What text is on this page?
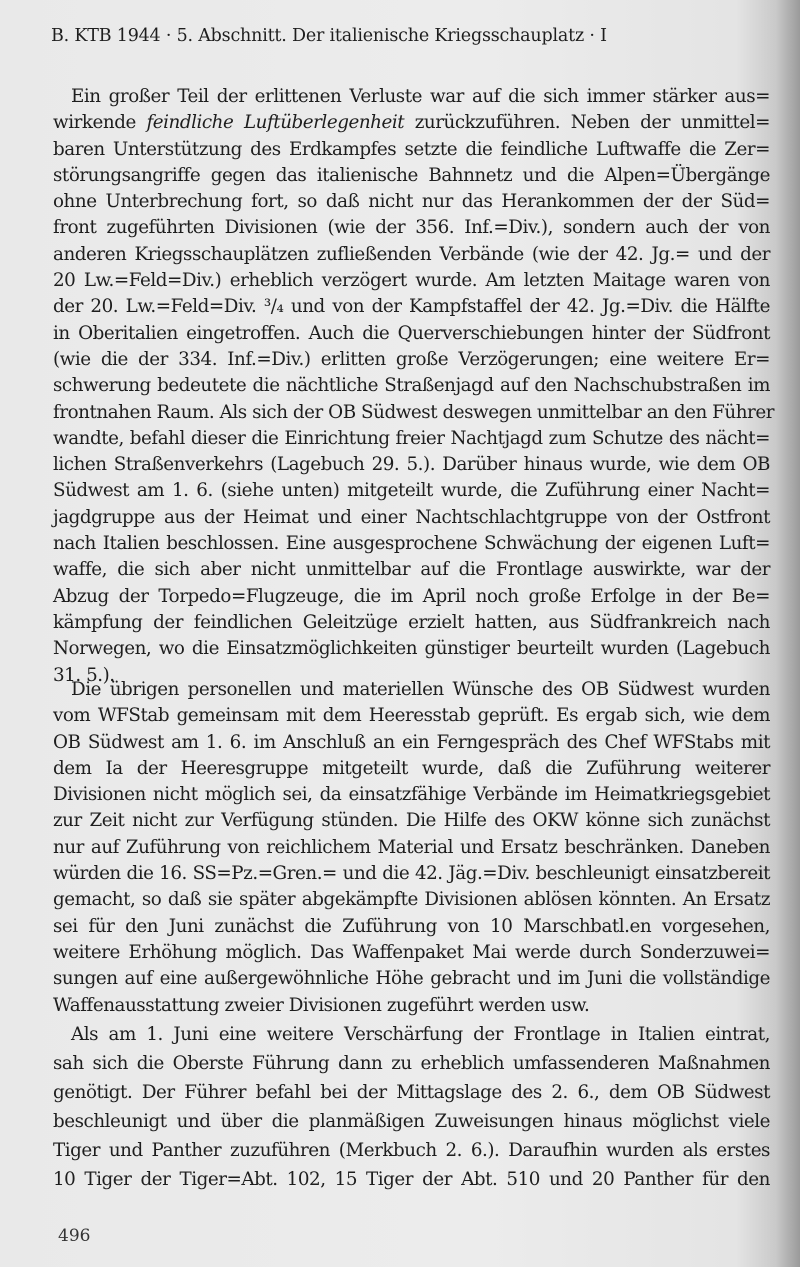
B. KTB 1944 · 5. Abschnitt. Der italienische Kriegsschauplatz · I
Ein großer Teil der erlittenen Verluste war auf die sich immer stärker aus=
wirkende feindliche Luftüberlegenheit zurückzuführen. Neben der unmittel=
baren Unterstützung des Erdkampfes setzte die feindliche Luftwaffe die Zer=
störungsangriffe gegen das italienische Bahnnetz und die Alpen=Übergänge
ohne Unterbrechung fort, so daß nicht nur das Herankommen der der Süd=
front zugeführten Divisionen (wie der 356. Inf.=Div.), sondern auch der von
anderen Kriegsschauplätzen zufließenden Verbände (wie der 42. Jg.= und der
20 Lw.=Feld=Div.) erheblich verzögert wurde. Am letzten Maitage waren von
der 20. Lw.=Feld=Div. ³/₄ und von der Kampfstaffel der 42. Jg.=Div. die Hälfte
in Oberitalien eingetroffen. Auch die Querverschiebungen hinter der Südfront
(wie die der 334. Inf.=Div.) erlitten große Verzögerungen; eine weitere Er=
schwerung bedeutete die nächtliche Straßenjagd auf den Nachschubstraßen im
frontnahen Raum. Als sich der OB Südwest deswegen unmittelbar an den Führer
wandte, befahl dieser die Einrichtung freier Nachtjagd zum Schutze des nächt=
lichen Straßenverkehrs (Lagebuch 29. 5.). Darüber hinaus wurde, wie dem OB
Südwest am 1. 6. (siehe unten) mitgeteilt wurde, die Zuführung einer Nacht=
jagdgruppe aus der Heimat und einer Nachtschlachtgruppe von der Ostfront
nach Italien beschlossen. Eine ausgesprochene Schwächung der eigenen Luft=
waffe, die sich aber nicht unmittelbar auf die Frontlage auswirkte, war der
Abzug der Torpedo=Flugzeuge, die im April noch große Erfolge in der Be=
kämpfung der feindlichen Geleitzüge erzielt hatten, aus Südfrankreich nach
Norwegen, wo die Einsatzmöglichkeiten günstiger beurteilt wurden (Lagebuch
31. 5.).
Die übrigen personellen und materiellen Wünsche des OB Südwest wurden
vom WFStab gemeinsam mit dem Heeresstab geprüft. Es ergab sich, wie dem
OB Südwest am 1. 6. im Anschluß an ein Ferngespräch des Chef WFStabs mit
dem Ia der Heeresgruppe mitgeteilt wurde, daß die Zuführung weiterer
Divisionen nicht möglich sei, da einsatzfähige Verbände im Heimatkriegsgebiet
zur Zeit nicht zur Verfügung stünden. Die Hilfe des OKW könne sich zunächst
nur auf Zuführung von reichlichem Material und Ersatz beschränken. Daneben
würden die 16. SS=Pz.=Gren.= und die 42. Jäg.=Div. beschleunigt einsatzbereit
gemacht, so daß sie später abgekämpfte Divisionen ablösen könnten. An Ersatz
sei für den Juni zunächst die Zuführung von 10 Marschbatl.en vorgesehen,
weitere Erhöhung möglich. Das Waffenpaket Mai werde durch Sonderzuwei=
sungen auf eine außergewöhnliche Höhe gebracht und im Juni die vollständige
Waffenausstattung zweier Divisionen zugeführt werden usw.
Als am 1. Juni eine weitere Verschärfung der Frontlage in Italien eintrat,
sah sich die Oberste Führung dann zu erheblich umfassenderen Maßnahmen
genötigt. Der Führer befahl bei der Mittagslage des 2. 6., dem OB Südwest
beschleunigt und über die planmäßigen Zuweisungen hinaus möglichst viele
Tiger und Panther zuzuführen (Merkbuch 2. 6.). Daraufhin wurden als erstes
10 Tiger der Tiger=Abt. 102, 15 Tiger der Abt. 510 und 20 Panther für den
496
